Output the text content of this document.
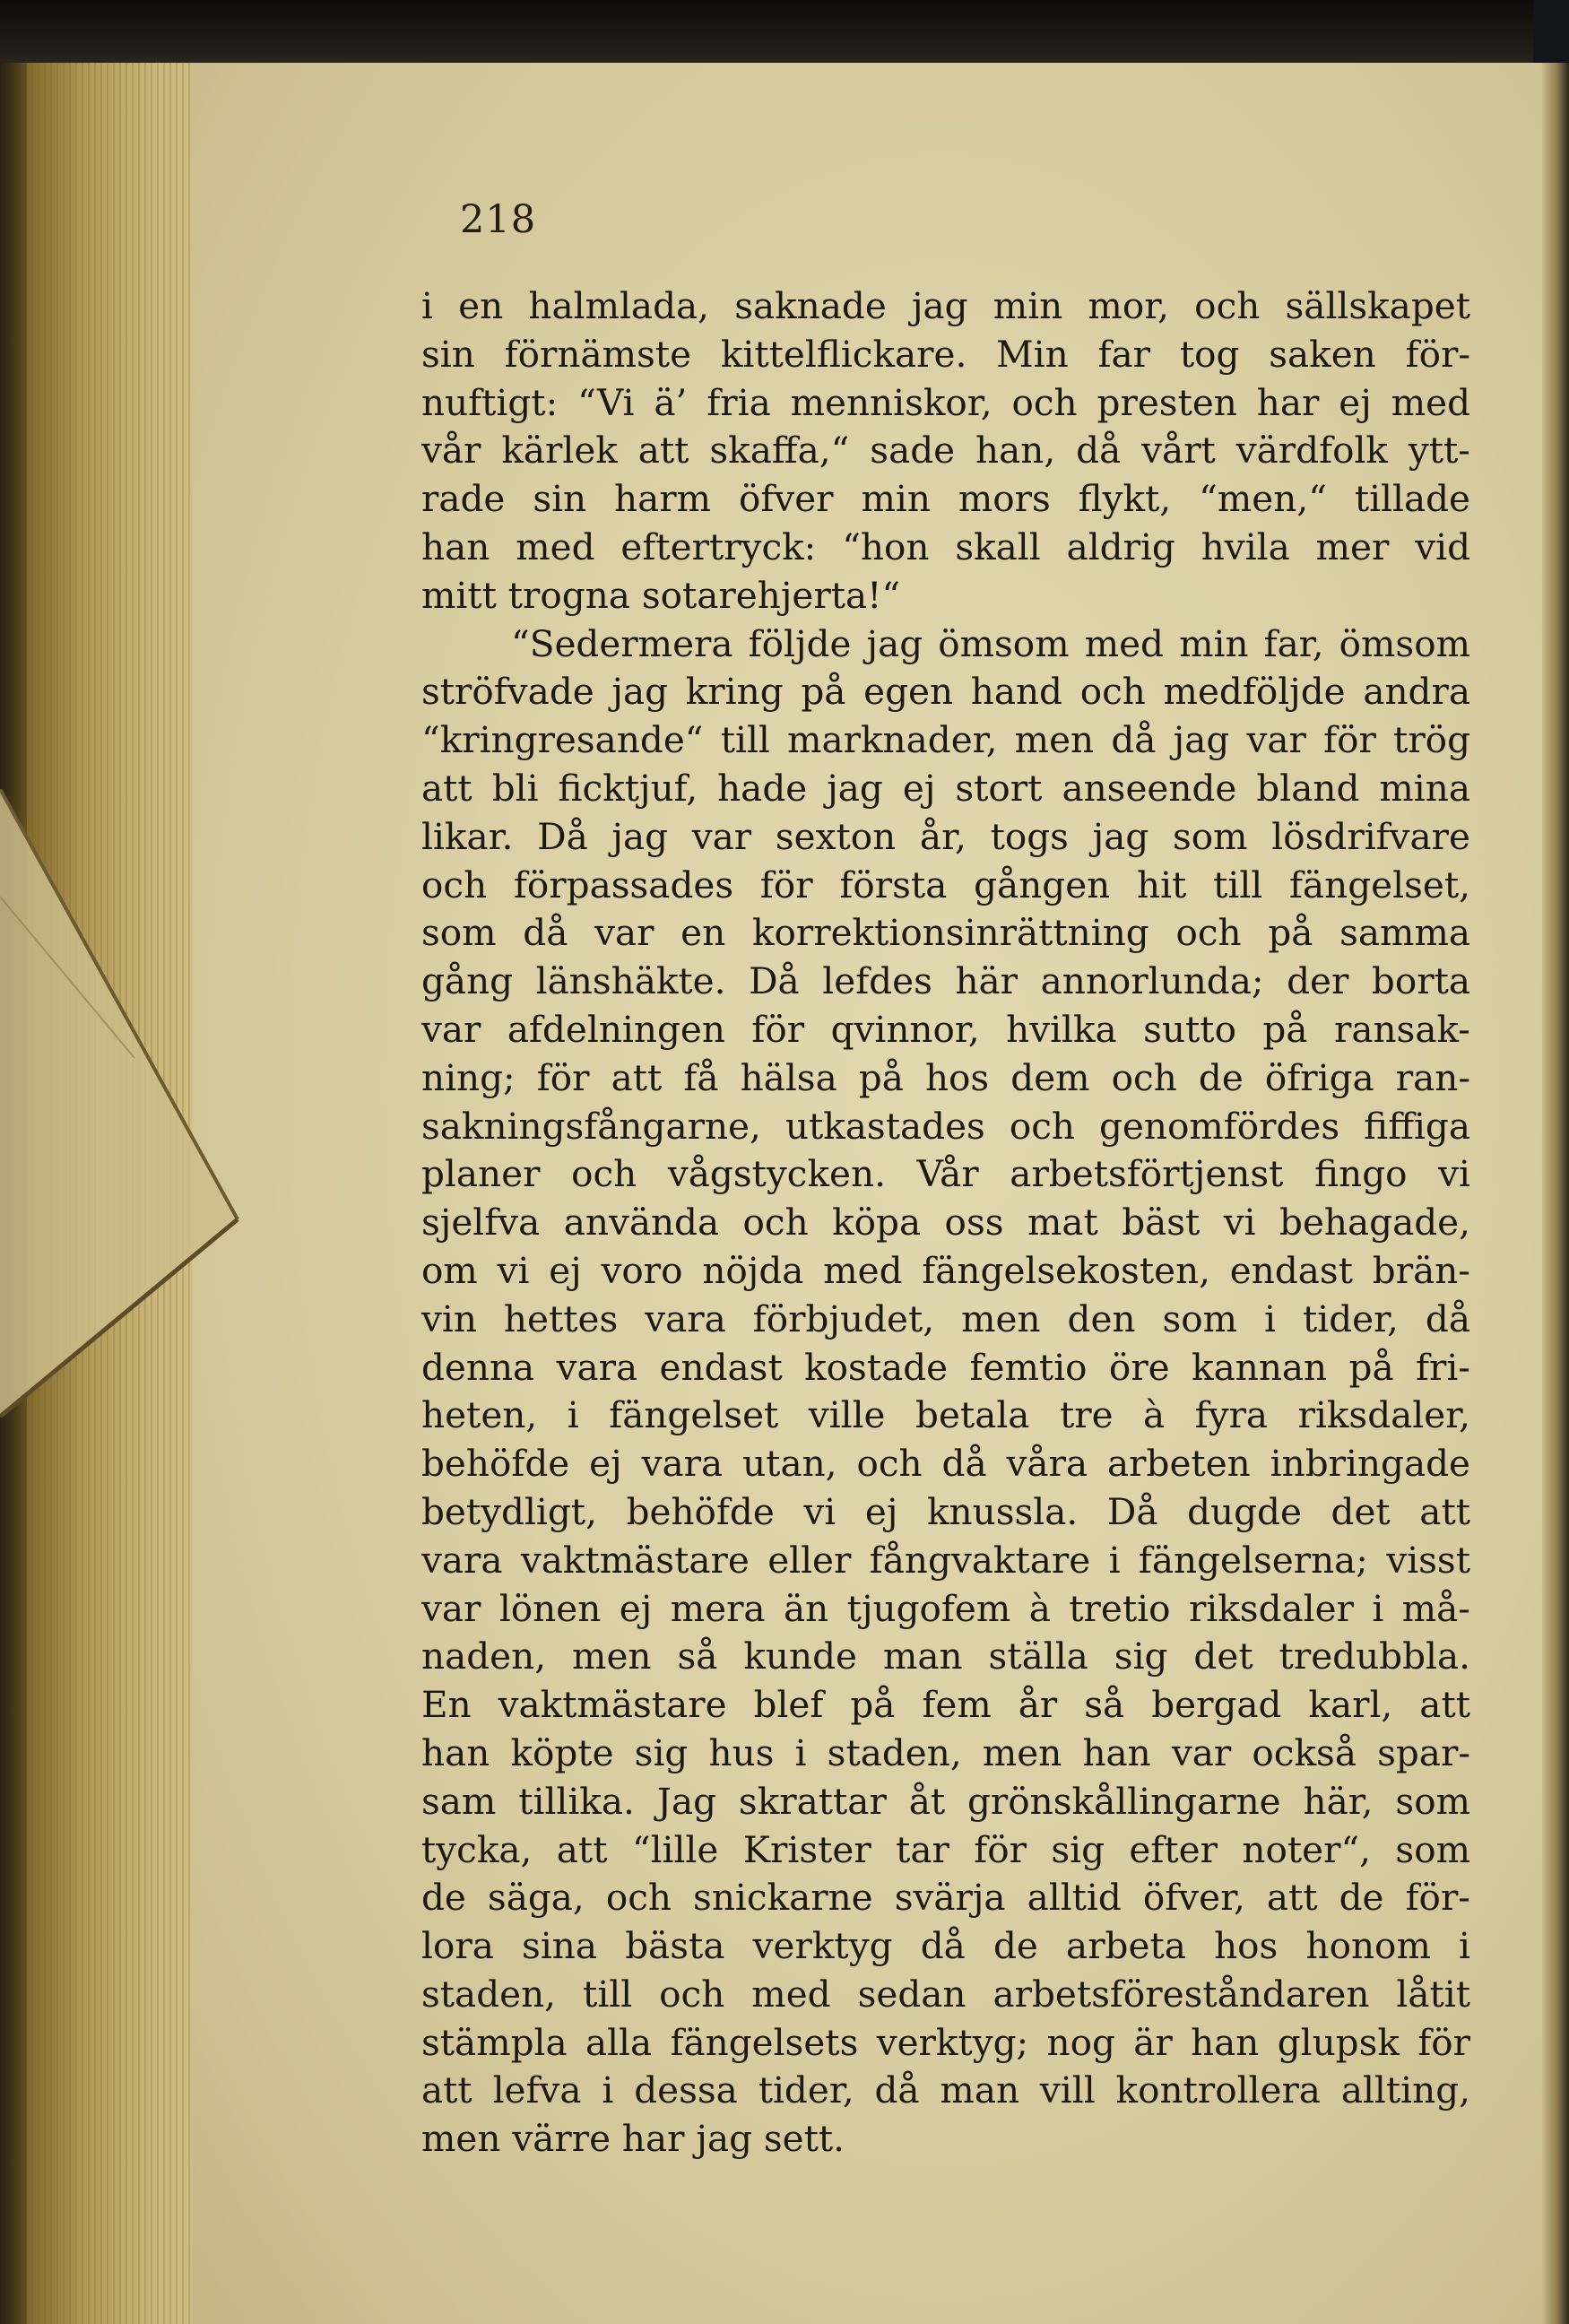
218
i en halmlada, saknade jag min mor, och sällskapet
sin förnämste kittelflickare. Min far tog saken för-
nuftigt: “Vi ä’ fria menniskor, och presten har ej med
vår kärlek att skaffa,“ sade han, då vårt värdfolk ytt-
rade sin harm öfver min mors flykt, “men,“ tillade
han med eftertryck: “hon skall aldrig hvila mer vid
mitt trogna sotarehjerta!“
“Sedermera följde jag ömsom med min far, ömsom
ströfvade jag kring på egen hand och medföljde andra
“kringresande“ till marknader, men då jag var för trög
att bli ficktjuf, hade jag ej stort anseende bland mina
likar. Då jag var sexton år, togs jag som lösdrifvare
och förpassades för första gången hit till fängelset,
som då var en korrektionsinrättning och på samma
gång länshäkte. Då lefdes här annorlunda; der borta
var afdelningen för qvinnor, hvilka sutto på ransak-
ning; för att få hälsa på hos dem och de öfriga ran-
sakningsfångarne, utkastades och genomfördes fiffiga
planer och vågstycken. Vår arbetsförtjenst fingo vi
sjelfva använda och köpa oss mat bäst vi behagade,
om vi ej voro nöjda med fängelsekosten, endast brän-
vin hettes vara förbjudet, men den som i tider, då
denna vara endast kostade femtio öre kannan på fri-
heten, i fängelset ville betala tre à fyra riksdaler,
behöfde ej vara utan, och då våra arbeten inbringade
betydligt, behöfde vi ej knussla. Då dugde det att
vara vaktmästare eller fångvaktare i fängelserna; visst
var lönen ej mera än tjugofem à tretio riksdaler i må-
naden, men så kunde man ställa sig det tredubbla.
En vaktmästare blef på fem år så bergad karl, att
han köpte sig hus i staden, men han var också spar-
sam tillika. Jag skrattar åt grönskållingarne här, som
tycka, att “lille Krister tar för sig efter noter“, som
de säga, och snickarne svärja alltid öfver, att de för-
lora sina bästa verktyg då de arbeta hos honom i
staden, till och med sedan arbetsföreståndaren låtit
stämpla alla fängelsets verktyg; nog är han glupsk för
att lefva i dessa tider, då man vill kontrollera allting,
men värre har jag sett.
